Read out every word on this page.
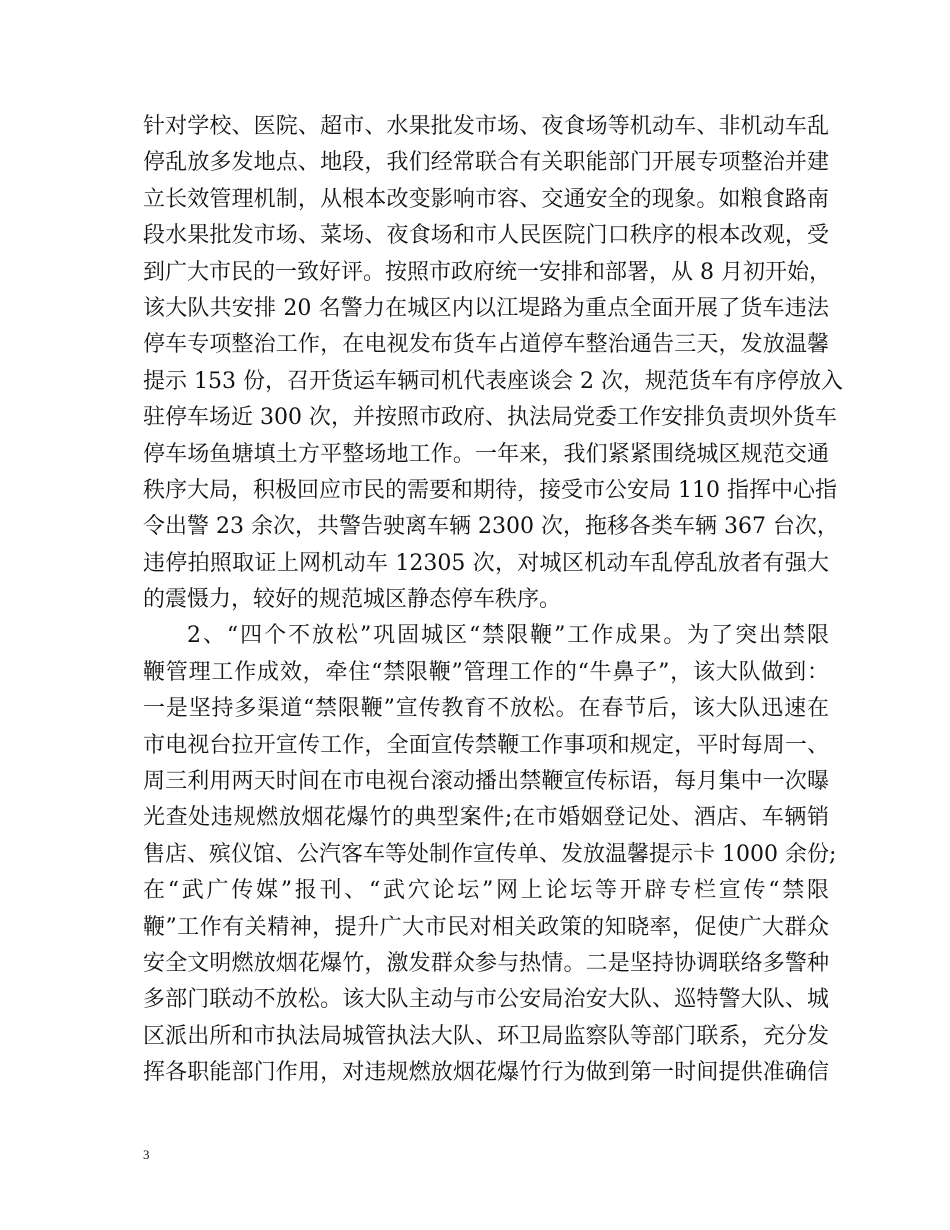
针对学校、医院、超市、水果批发市场、夜食场等机动车、非机动车乱
停乱放多发地点、地段，我们经常联合有关职能部门开展专项整治并建
立长效管理机制，从根本改变影响市容、交通安全的现象。如粮食路南
段水果批发市场、菜场、夜食场和市人民医院门口秩序的根本改观，受
到广大市民的一致好评。按照市政府统一安排和部署，从 8 月初开始，
该大队共安排 20 名警力在城区内以江堤路为重点全面开展了货车违法
停车专项整治工作，在电视发布货车占道停车整治通告三天，发放温馨
提示 153 份，召开货运车辆司机代表座谈会 2 次，规范货车有序停放入
驻停车场近 300 次，并按照市政府、执法局党委工作安排负责坝外货车
停车场鱼塘填土方平整场地工作。一年来，我们紧紧围绕城区规范交通
秩序大局，积极回应市民的需要和期待，接受市公安局 110 指挥中心指
令出警 23 余次，共警告驶离车辆 2300 次，拖移各类车辆 367 台次，
违停拍照取证上网机动车 12305 次，对城区机动车乱停乱放者有强大
的震慑力，较好的规范城区静态停车秩序。
2、“四个不放松”巩固城区“禁限鞭”工作成果。为了突出禁限
鞭管理工作成效，牵住“禁限鞭”管理工作的“牛鼻子”，该大队做到：
一是坚持多渠道“禁限鞭”宣传教育不放松。在春节后，该大队迅速在
市电视台拉开宣传工作，全面宣传禁鞭工作事项和规定，平时每周一、
周三利用两天时间在市电视台滚动播出禁鞭宣传标语，每月集中一次曝
光查处违规燃放烟花爆竹的典型案件;在市婚姻登记处、酒店、车辆销
售店、殡仪馆、公汽客车等处制作宣传单、发放温馨提示卡 1000 余份;
在“武广传媒”报刊、“武穴论坛”网上论坛等开辟专栏宣传“禁限
鞭”工作有关精神，提升广大市民对相关政策的知晓率，促使广大群众
安全文明燃放烟花爆竹，激发群众参与热情。二是坚持协调联络多警种
多部门联动不放松。该大队主动与市公安局治安大队、巡特警大队、城
区派出所和市执法局城管执法大队、环卫局监察队等部门联系，充分发
挥各职能部门作用，对违规燃放烟花爆竹行为做到第一时间提供准确信
3
